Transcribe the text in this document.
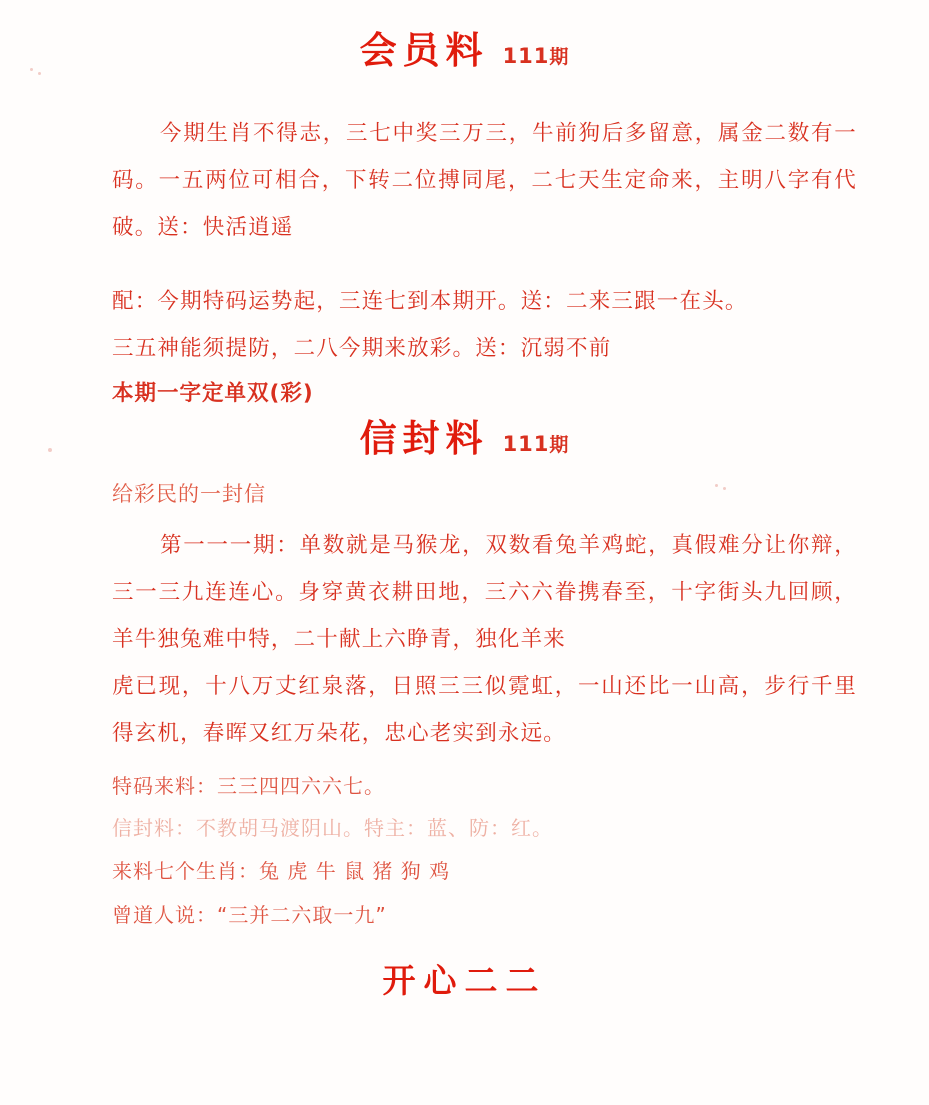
会员料 111期

今期生肖不得志，三七中奖三万三，牛前狗后多留意，属金二数有一码。一五两位可相合，下转二位搏同尾，二七天生定命来，主明八字有代破。送：快活逍遥

配：今期特码运势起，三连七到本期开。送：二来三跟一在头。

三五神能须提防，二八今期来放彩。送：沉弱不前

本期一字定单双(彩)

信封料 111期
给彩民的一封信

第一一一期：单数就是马猴龙，双数看兔羊鸡蛇，真假难分让你辩，三一三九连连心。身穿黄衣耕田地，三六六眷携春至，十字街头九回顾，羊牛独兔难中特，二十献上六睁青，独化羊来

虎已现，十八万丈红泉落，日照三三似霓虹，一山还比一山高，步行千里得玄机，春晖又红万朵花，忠心老实到永远。

特码来料：三三四四六六七。

信封料：不教胡马渡阴山。特主：蓝、防：红。

来料七个生肖：兔 虎 牛 鼠 猪 狗 鸡

曾道人说：“三并二六取一九”

开心二二
